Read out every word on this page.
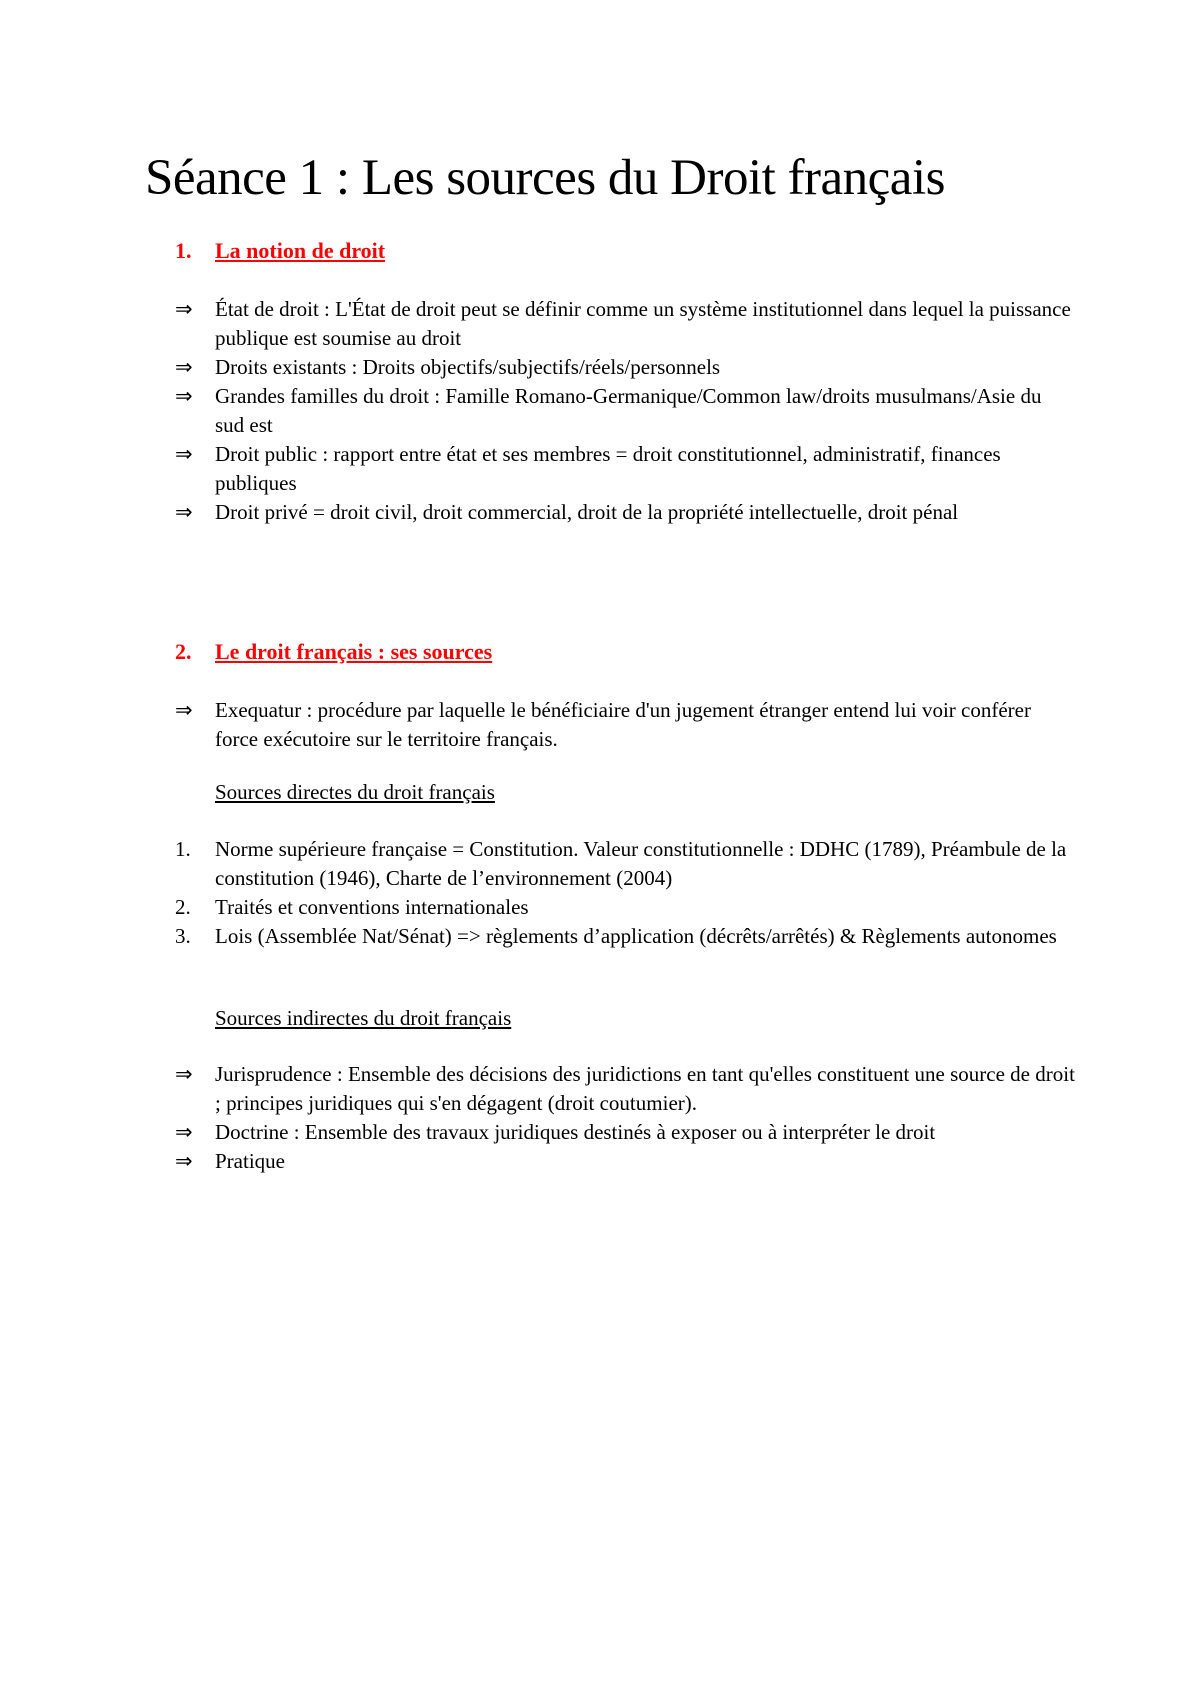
Séance 1 : Les sources du Droit français
1. La notion de droit
⇒	État de droit : L'État de droit peut se définir comme un système institutionnel dans lequel la puissance publique est soumise au droit
⇒	Droits existants : Droits objectifs/subjectifs/réels/personnels
⇒	Grandes familles du droit : Famille Romano-Germanique/Common law/droits musulmans/Asie du sud est
⇒	Droit public : rapport entre état et ses membres = droit constitutionnel, administratif, finances publiques
⇒	Droit privé = droit civil, droit commercial, droit de la propriété intellectuelle, droit pénal
2. Le droit français : ses sources
⇒	Exequatur : procédure par laquelle le bénéficiaire d'un jugement étranger entend lui voir conférer force exécutoire sur le territoire français.

Sources directes du droit français

1.	Norme supérieure française = Constitution. Valeur constitutionnelle : DDHC (1789), Préambule de la constitution (1946), Charte de l’environnement (2004)
2.	Traités et conventions internationales
3.	Lois (Assemblée Nat/Sénat) => règlements d’application (décrêts/arrêtés) & Règlements autonomes

Sources indirectes du droit français

⇒	Jurisprudence : Ensemble des décisions des juridictions en tant qu'elles constituent une source de droit ; principes juridiques qui s'en dégagent (droit coutumier).
⇒	Doctrine : Ensemble des travaux juridiques destinés à exposer ou à interpréter le droit
⇒	Pratique
